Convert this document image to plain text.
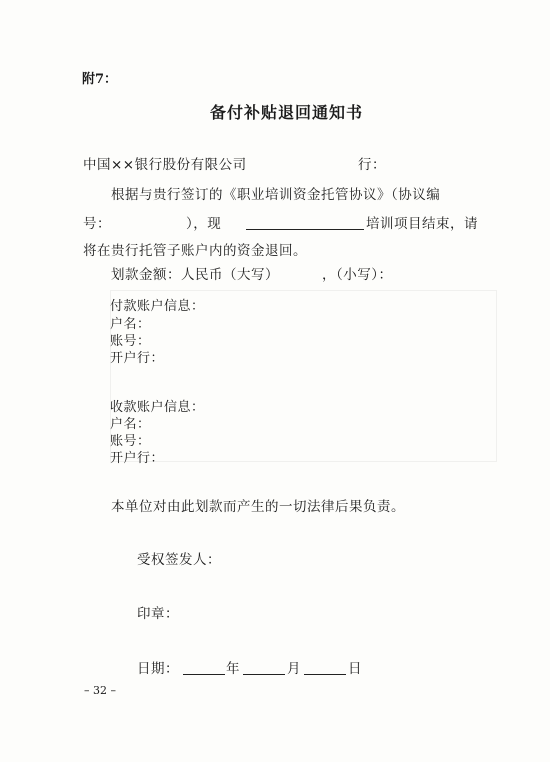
附7：
备付补贴退回通知书
中国××银行股份有限公司	行：
根据与贵行签订的《职业培训资金托管协议》（协议编
号：	），现	培训项目结束，请
将在贵行托管子账户内的资金退回。
划款金额：人民币（大写）	，（小写）：
付款账户信息：
户名：
账号：
开户行：
收款账户信息：
户名：
账号：
开户行：
本单位对由此划款而产生的一切法律后果负责。
受权签发人：
印章：
日期：	年	月	日
– 32 –
